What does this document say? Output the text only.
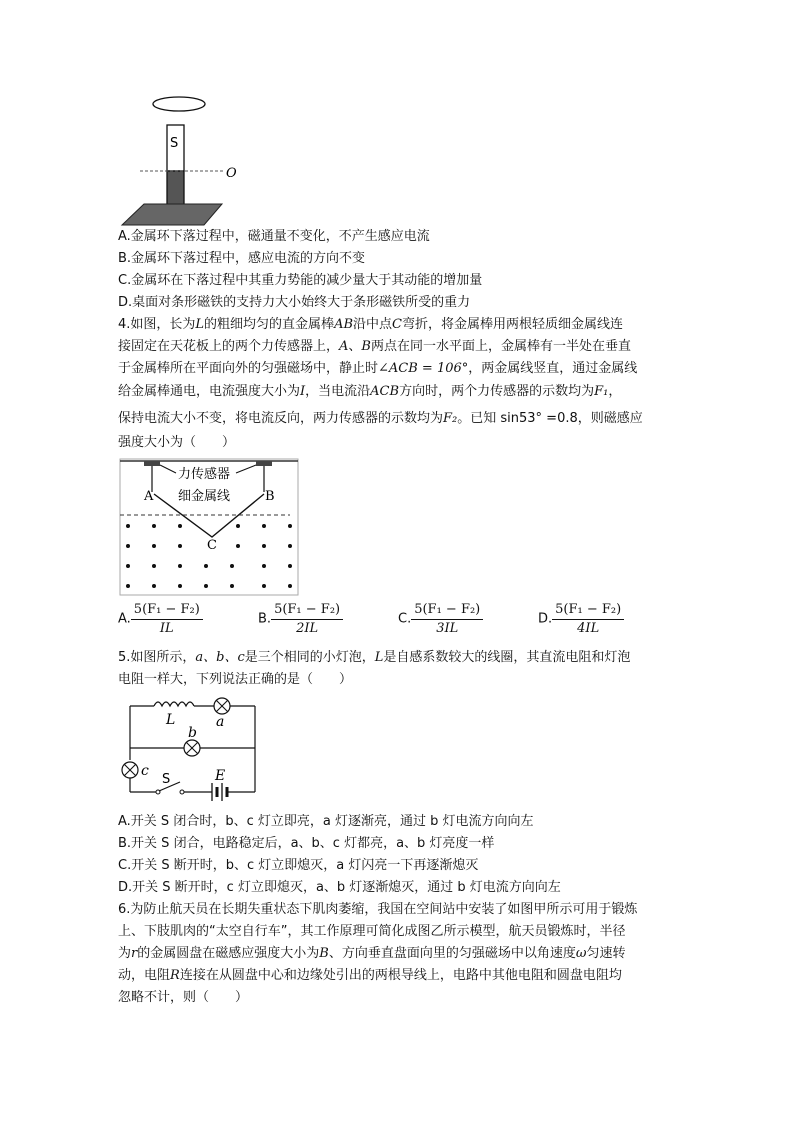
S
O
A.金属环下落过程中，磁通量不变化，不产生感应电流
B.金属环下落过程中，感应电流的方向不变
C.金属环在下落过程中其重力势能的减少量大于其动能的增加量
D.桌面对条形磁铁的支持力大小始终大于条形磁铁所受的重力
4.如图，长为L的粗细均匀的直金属棒AB沿中点C弯折，将金属棒用两根轻质细金属线连
接固定在天花板上的两个力传感器上，A、B两点在同一水平面上，金属棒有一半处在垂直
于金属棒所在平面向外的匀强磁场中，静止时∠ACB = 106°，两金属线竖直，通过金属线
给金属棒通电，电流强度大小为I，当电流沿ACB方向时，两个力传感器的示数均为F₁，
保持电流大小不变，将电流反向，两力传感器的示数均为F₂。已知 sin53° =0.8，则磁感应
强度大小为（　　）
力传感器
细金属线
A	B
C
A. $\frac{\text{5(F₁ − F₂)}}{IL}$	B. $\frac{\text{5(F₁ − F₂)}}{2IL}$	C. $\frac{\text{5(F₁ − F₂)}}{3IL}$	D. $\frac{\text{5(F₁ − F₂)}}{4IL}$
5.如图所示，a、b、c是三个相同的小灯泡，L是自感系数较大的线圈，其直流电阻和灯泡
电阻一样大，下列说法正确的是（　　）
L	a
b
c
S	E
A.开关 S 闭合时，b、c 灯立即亮，a 灯逐渐亮，通过 b 灯电流方向向左
B.开关 S 闭合，电路稳定后，a、b、c 灯都亮，a、b 灯亮度一样
C.开关 S 断开时，b、c 灯立即熄灭，a 灯闪亮一下再逐渐熄灭
D.开关 S 断开时，c 灯立即熄灭，a、b 灯逐渐熄灭，通过 b 灯电流方向向左
6.为防止航天员在长期失重状态下肌肉萎缩，我国在空间站中安装了如图甲所示可用于锻炼
上、下肢肌肉的“太空自行车”，其工作原理可简化成图乙所示模型，航天员锻炼时，半径
为r的金属圆盘在磁感应强度大小为B、方向垂直盘面向里的匀强磁场中以角速度ω匀速转
动，电阻R连接在从圆盘中心和边缘处引出的两根导线上，电路中其他电阻和圆盘电阻均
忽略不计，则（　　）
